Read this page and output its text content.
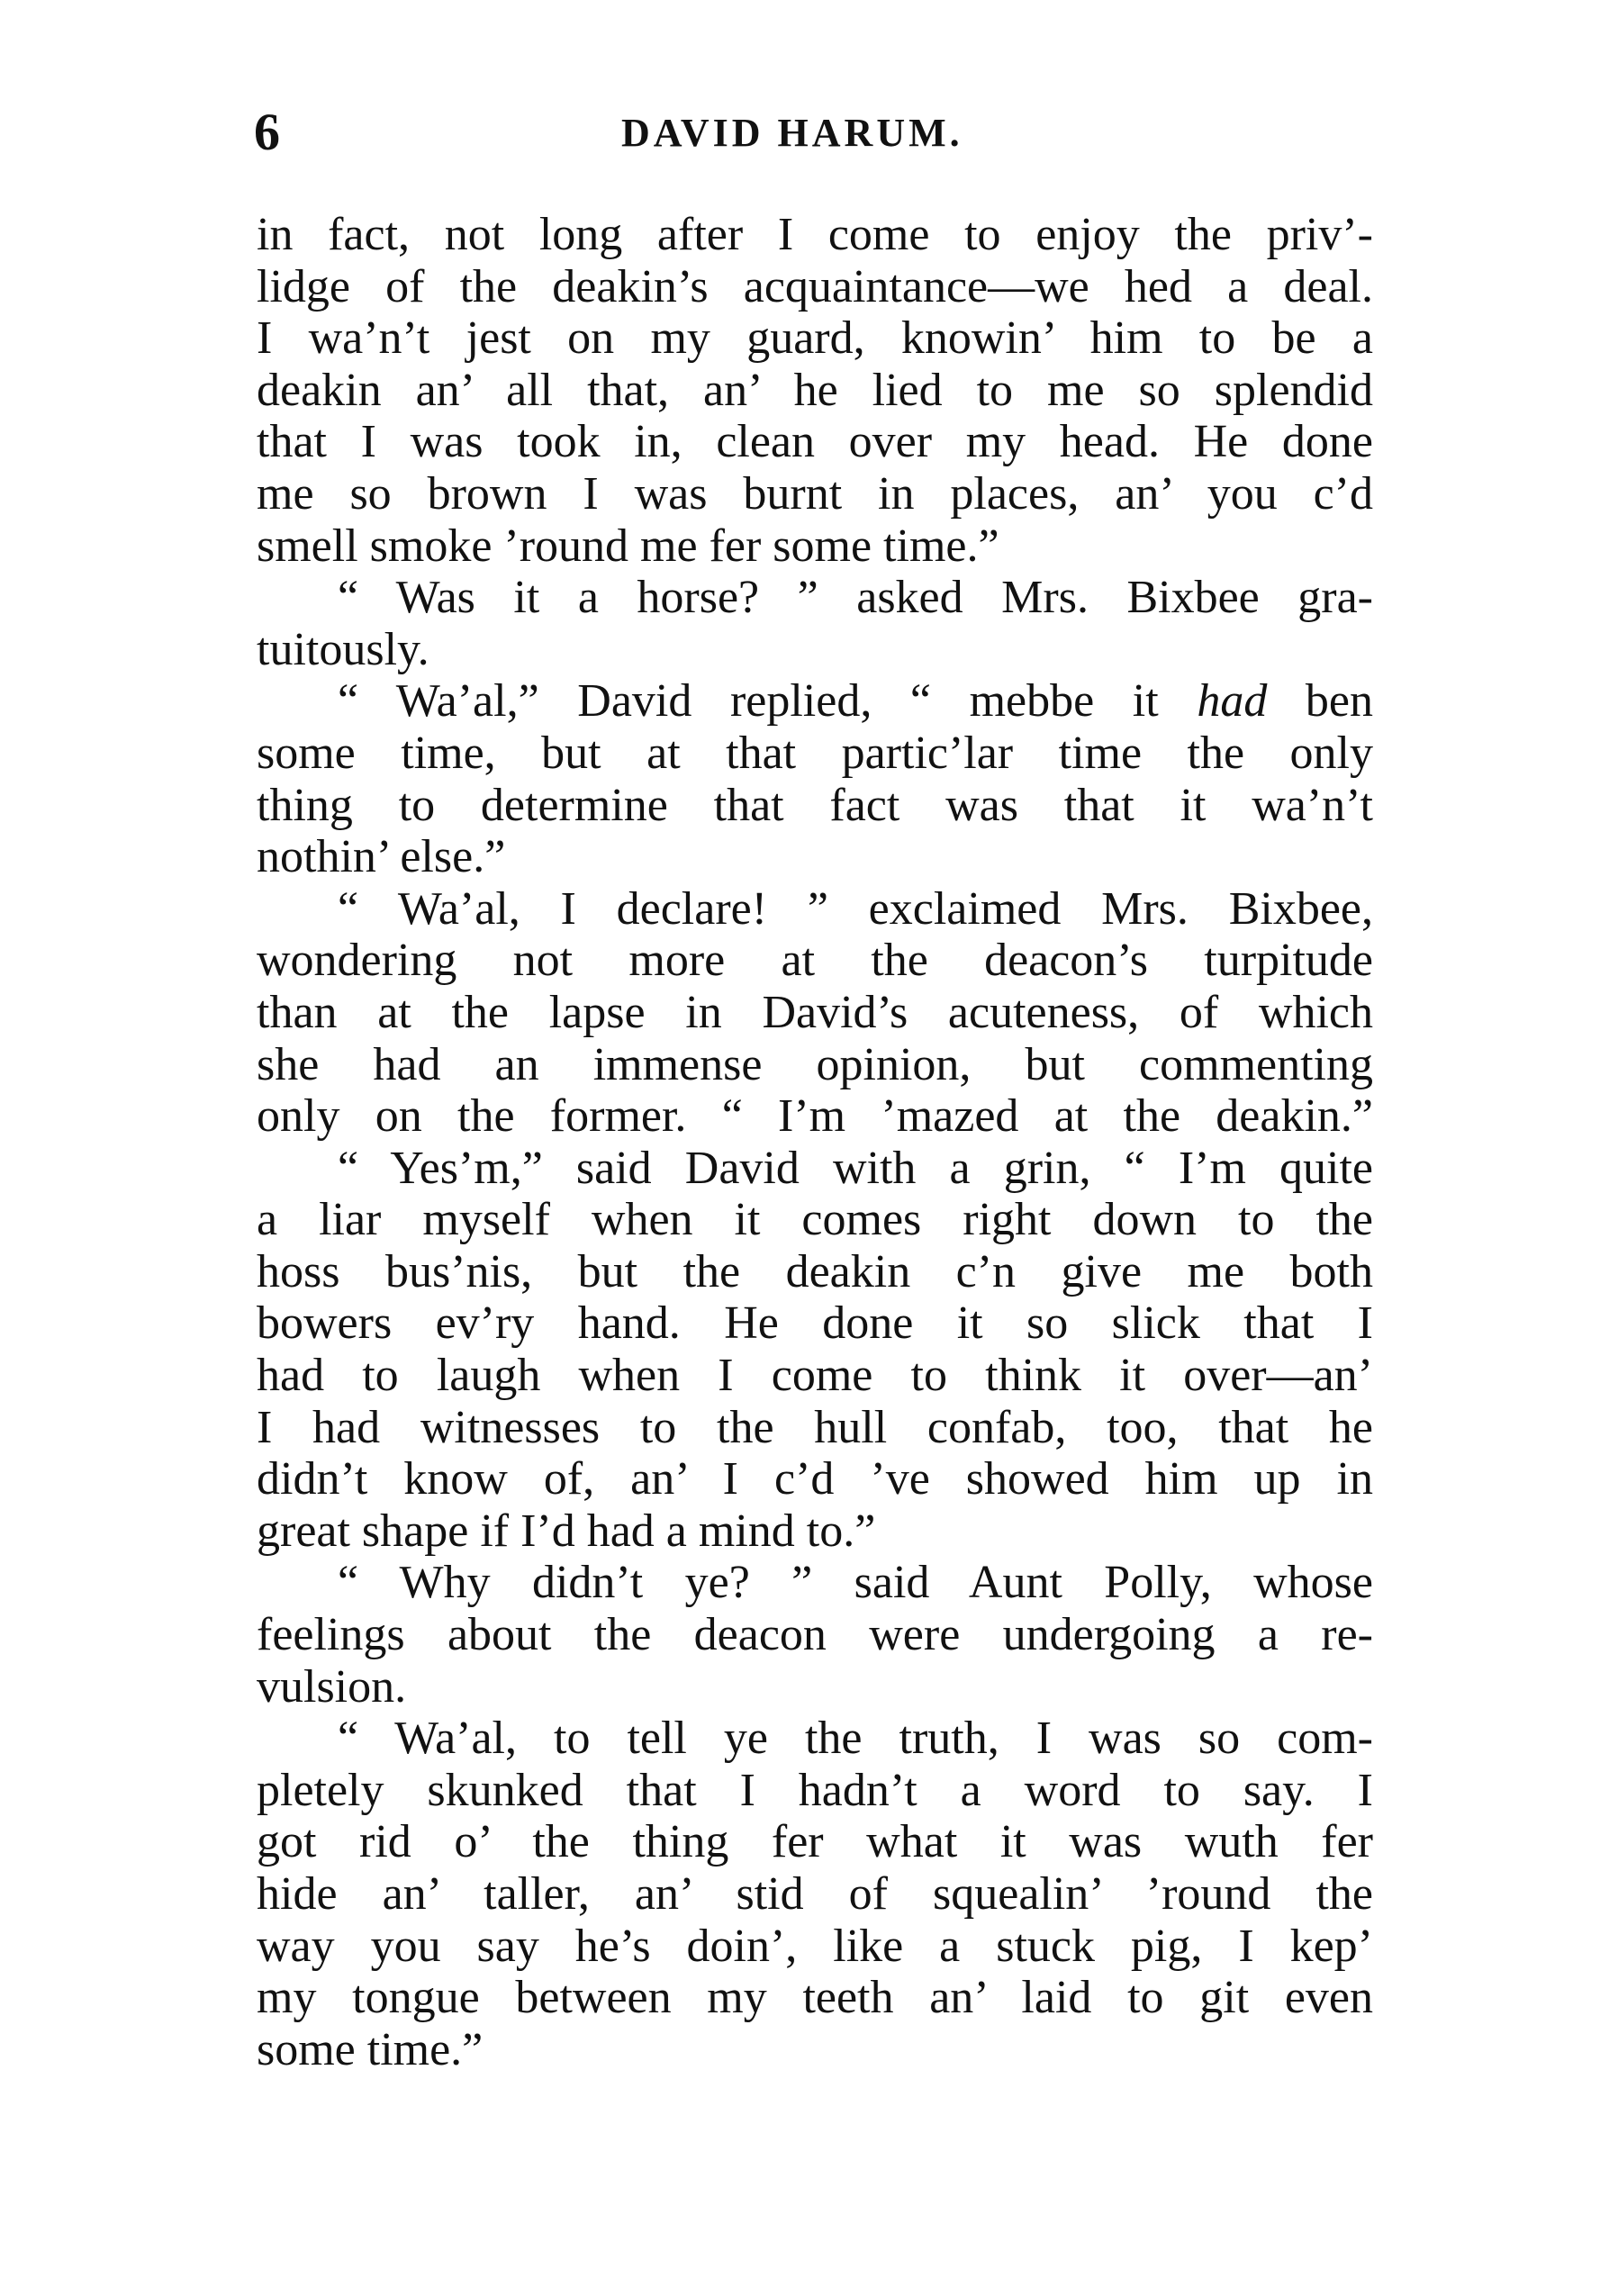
6	DAVID HARUM.
in fact, not long after I come to enjoy the priv’-
lidge of the deakin’s acquaintance—we hed a deal.
I wa’n’t jest on my guard, knowin’ him to be a
deakin an’ all that, an’ he lied to me so splendid
that I was took in, clean over my head. He done
me so brown I was burnt in places, an’ you c’d
smell smoke ’round me fer some time.”
“ Was it a horse? ” asked Mrs. Bixbee gra-
tuitously.
“ Wa’al,” David replied, “ mebbe it had ben
some time, but at that partic’lar time the only
thing to determine that fact was that it wa’n’t
nothin’ else.”
“ Wa’al, I declare! ” exclaimed Mrs. Bixbee,
wondering not more at the deacon’s turpitude
than at the lapse in David’s acuteness, of which
she had an immense opinion, but commenting
only on the former. “ I’m ’mazed at the deakin.”
“ Yes’m,” said David with a grin, “ I’m quite
a liar myself when it comes right down to the
hoss bus’nis, but the deakin c’n give me both
bowers ev’ry hand. He done it so slick that I
had to laugh when I come to think it over—an’
I had witnesses to the hull confab, too, that he
didn’t know of, an’ I c’d ’ve showed him up in
great shape if I’d had a mind to.”
“ Why didn’t ye? ” said Aunt Polly, whose
feelings about the deacon were undergoing a re-
vulsion.
“ Wa’al, to tell ye the truth, I was so com-
pletely skunked that I hadn’t a word to say. I
got rid o’ the thing fer what it was wuth fer
hide an’ taller, an’ stid of squealin’ ’round the
way you say he’s doin’, like a stuck pig, I kep’
my tongue between my teeth an’ laid to git even
some time.”
